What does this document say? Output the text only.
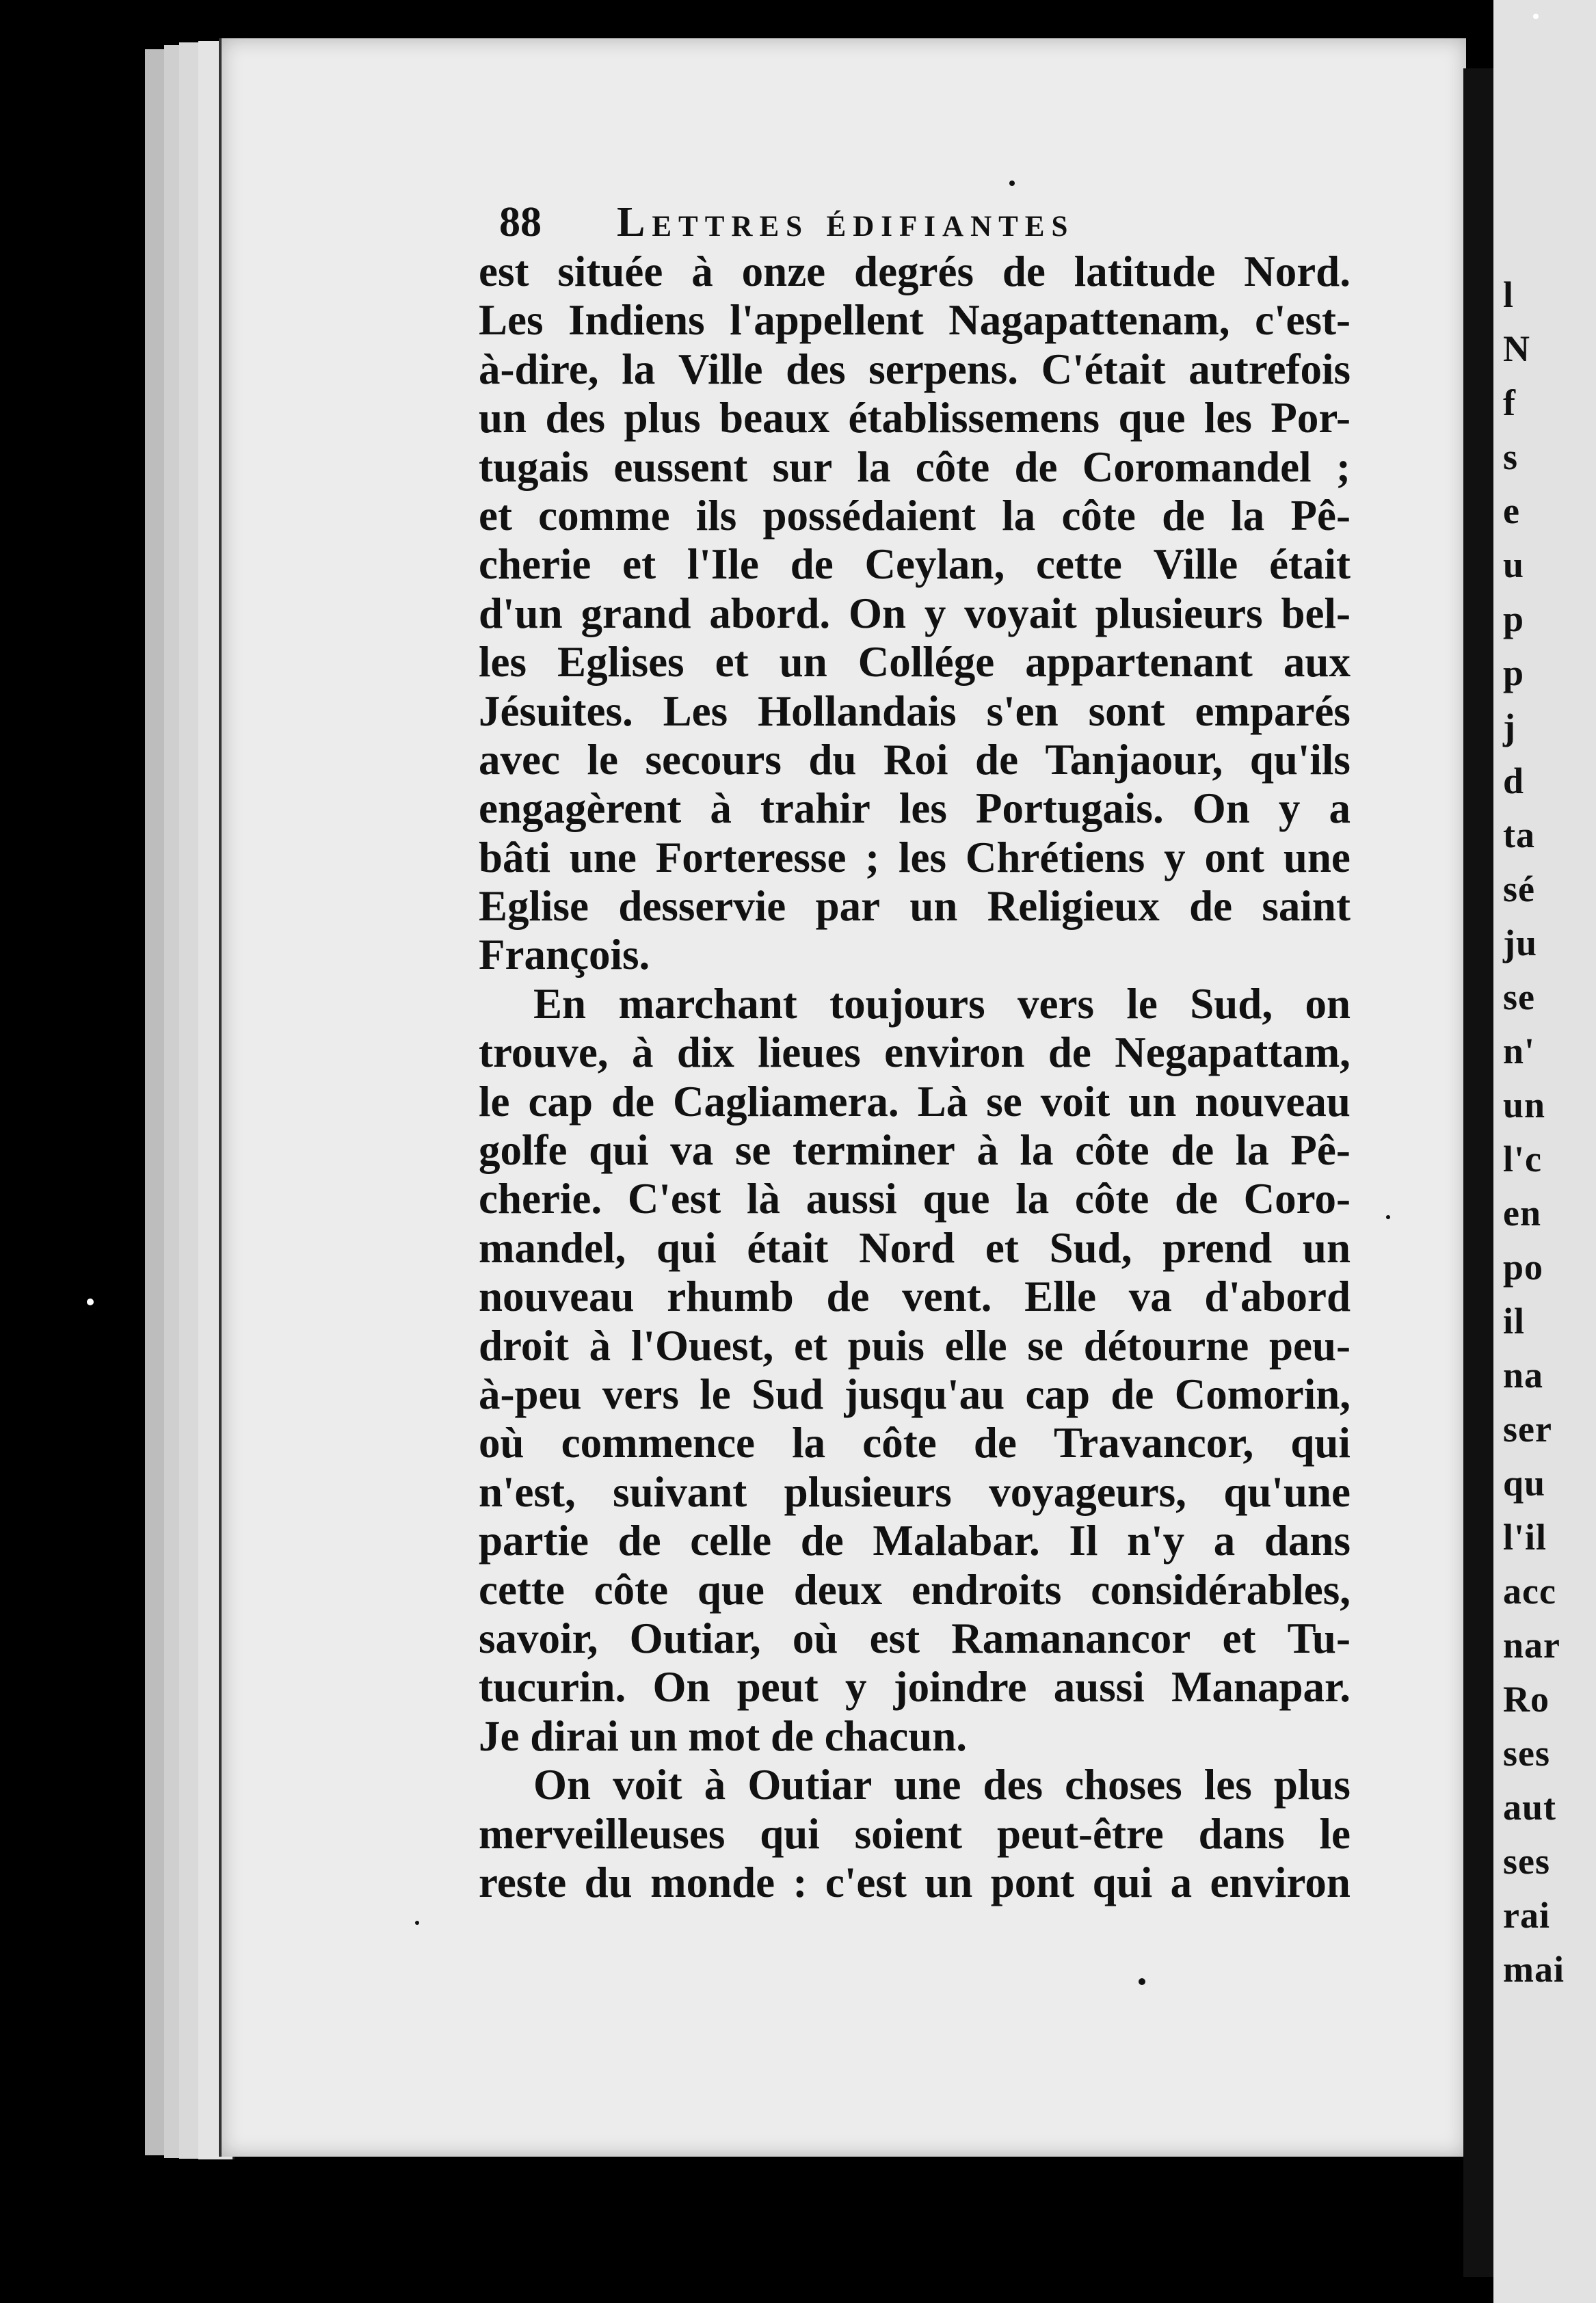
88 Lettres édifiantes
est située à onze degrés de latitude Nord.
Les Indiens l'appellent Nagapattenam, c'est-
à-dire, la Ville des serpens. C'était autrefois
un des plus beaux établissemens que les Por-
tugais eussent sur la côte de Coromandel ;
et comme ils possédaient la côte de la Pê-
cherie et l'Ile de Ceylan, cette Ville était
d'un grand abord. On y voyait plusieurs bel-
les Eglises et un Collége appartenant aux
Jésuites. Les Hollandais s'en sont emparés
avec le secours du Roi de Tanjaour, qu'ils
engagèrent à trahir les Portugais. On y a
bâti une Forteresse ; les Chrétiens y ont une
Eglise desservie par un Religieux de saint
François.
En marchant toujours vers le Sud, on
trouve, à dix lieues environ de Negapattam,
le cap de Cagliamera. Là se voit un nouveau
golfe qui va se terminer à la côte de la Pê-
cherie. C'est là aussi que la côte de Coro-
mandel, qui était Nord et Sud, prend un
nouveau rhumb de vent. Elle va d'abord
droit à l'Ouest, et puis elle se détourne peu-
à-peu vers le Sud jusqu'au cap de Comorin,
où commence la côte de Travancor, qui
n'est, suivant plusieurs voyageurs, qu'une
partie de celle de Malabar. Il n'y a dans
cette côte que deux endroits considérables,
savoir, Outiar, où est Ramanancor et Tu-
tucurin. On peut y joindre aussi Manapar.
Je dirai un mot de chacun.
On voit à Outiar une des choses les plus
merveilleuses qui soient peut-être dans le
reste du monde : c'est un pont qui a environ
l
N
f
s
e
u
p
p
j
d
ta
sé
ju
se
n'
un
l'c
en
po
il
na
ser
qu
l'il
acc
nar
Ro
ses
aut
ses
rai
mai
